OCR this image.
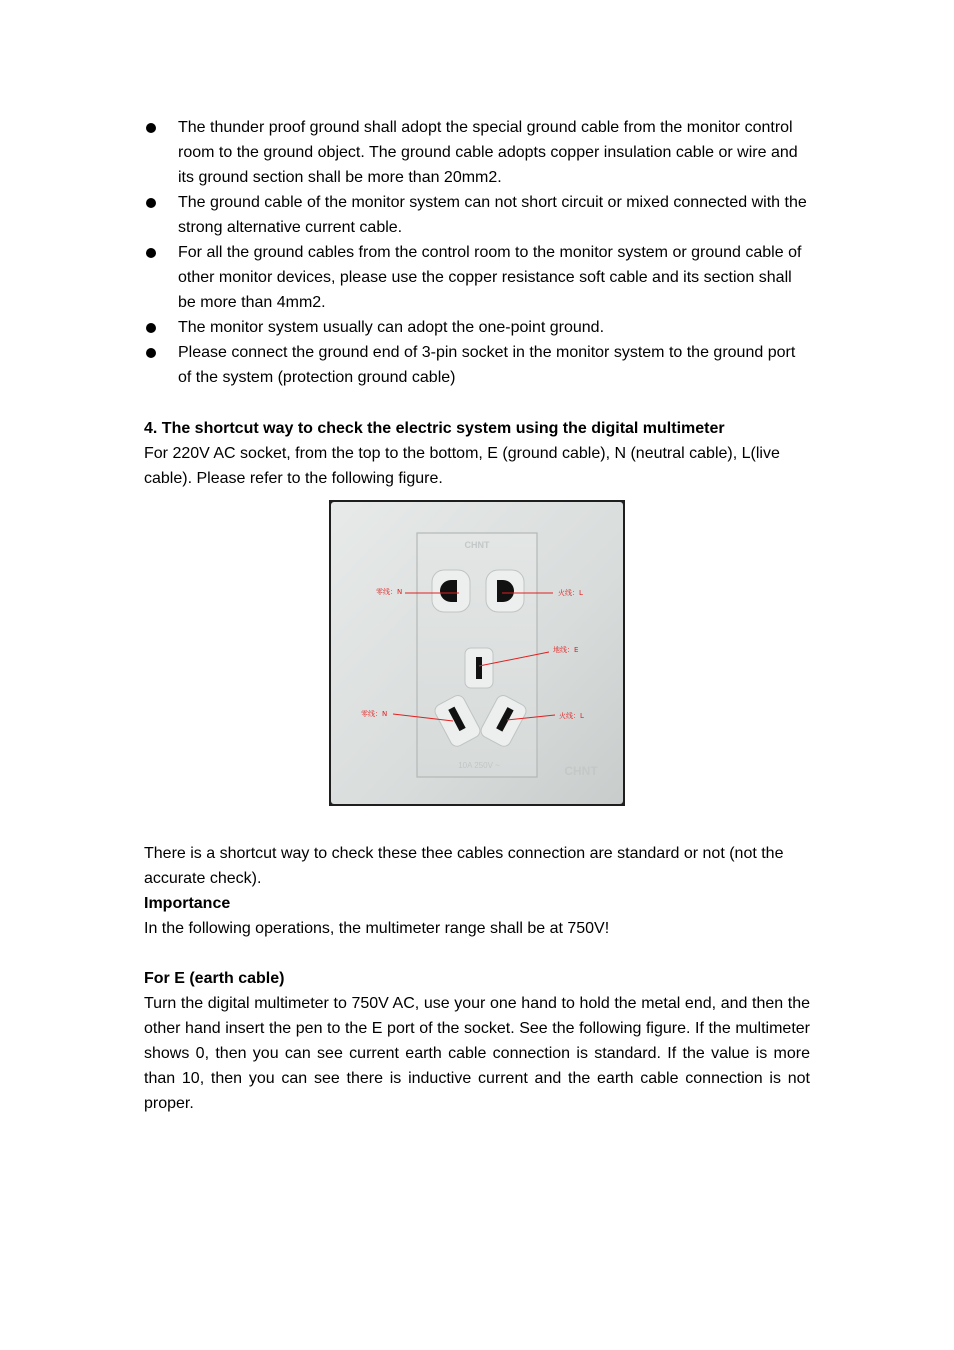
The thunder proof ground shall adopt the special ground cable from the monitor control room to the ground object. The ground cable adopts copper insulation cable or wire and its ground section shall be more than 20mm2.
The ground cable of the monitor system can not short circuit or mixed connected with the strong alternative current cable.
For all the ground cables from the control room to the monitor system or ground cable of other monitor devices, please use the copper resistance soft cable and its section shall be more than 4mm2.
The monitor system usually can adopt the one-point ground.
Please connect the ground end of 3-pin socket in the monitor system to the ground port of the system (protection ground cable)
4. The shortcut way to check the electric system using the digital multimeter
For 220V AC socket, from the top to the bottom, E (ground cable), N (neutral cable), L(live cable). Please refer to the following figure.
CHNT
10A 250V ~	CHNT
零线：N	火线：L
地线：E
零线：N	火线：L
There is a shortcut way to check these thee cables connection are standard or not (not the accurate check).
Importance
In the following operations, the multimeter range shall be at 750V!
For E (earth cable)
Turn the digital multimeter to 750V AC, use your one hand to hold the metal end, and then the other hand insert the pen to the E port of the socket. See the following figure. If the multimeter shows 0, then you can see current earth cable connection is standard. If the value is more than 10, then you can see there is inductive current and the earth cable connection is not proper.
